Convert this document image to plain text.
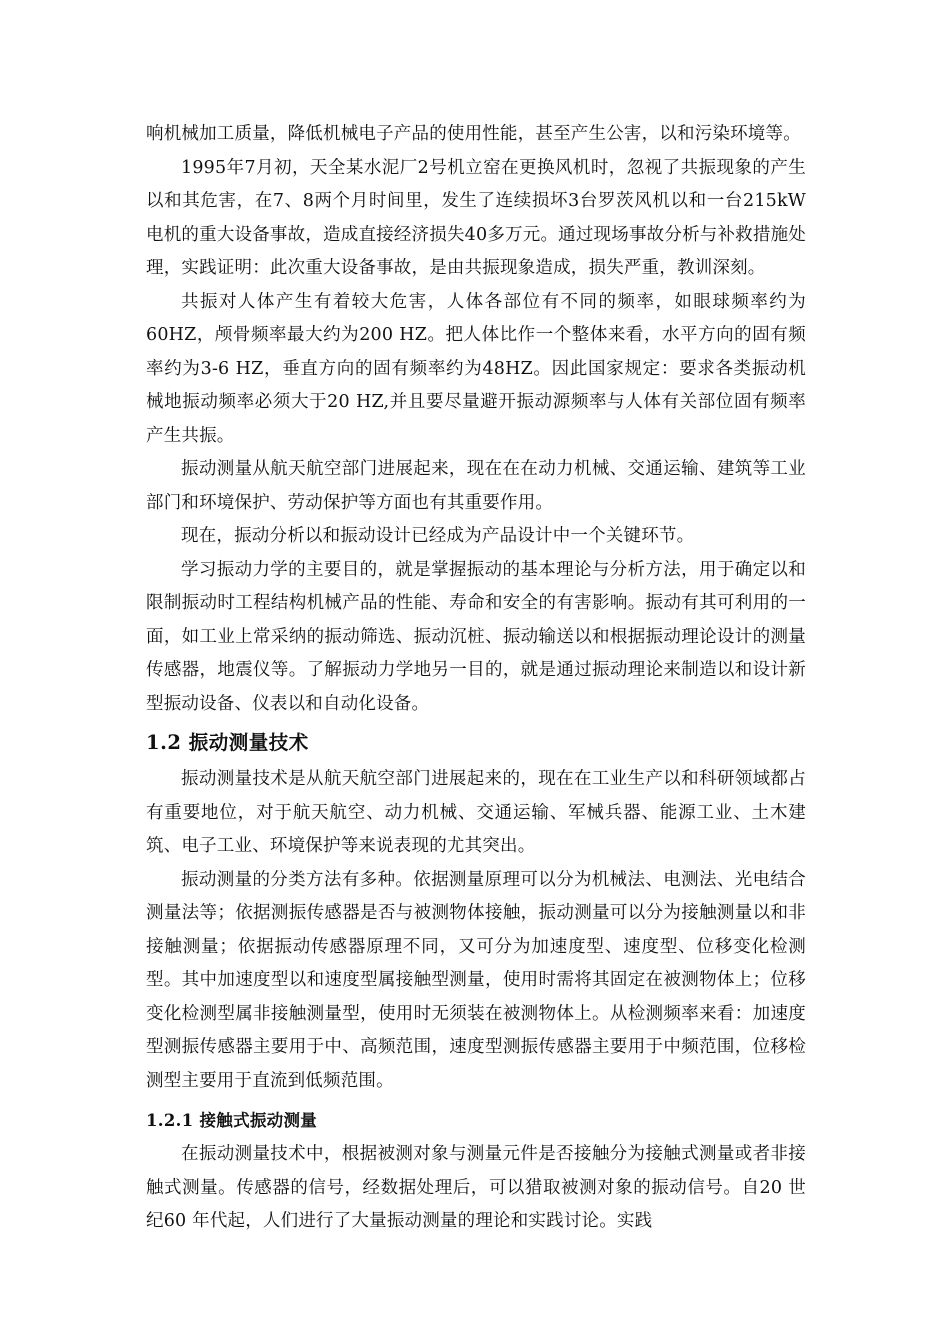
响机械加工质量，降低机械电子产品的使用性能，甚至产生公害，以和污染环境等。

1995年7月初，天全某水泥厂2号机立窑在更换风机时，忽视了共振现象的产生以和其危害，在7、8两个月时间里，发生了连续损坏3台罗茨风机以和一台215kW电机的重大设备事故，造成直接经济损失40多万元。通过现场事故分析与补救措施处理，实践证明：此次重大设备事故，是由共振现象造成，损失严重，教训深刻。

共振对人体产生有着较大危害，人体各部位有不同的频率，如眼球频率约为60HZ，颅骨频率最大约为200 HZ。把人体比作一个整体来看，水平方向的固有频率约为3-6 HZ，垂直方向的固有频率约为48HZ。因此国家规定：要求各类振动机械地振动频率必须大于20 HZ,并且要尽量避开振动源频率与人体有关部位固有频率产生共振。

振动测量从航天航空部门进展起来，现在在在动力机械、交通运输、建筑等工业部门和环境保护、劳动保护等方面也有其重要作用。

现在，振动分析以和振动设计已经成为产品设计中一个关键环节。

学习振动力学的主要目的，就是掌握振动的基本理论与分析方法，用于确定以和限制振动时工程结构机械产品的性能、寿命和安全的有害影响。振动有其可利用的一面，如工业上常采纳的振动筛选、振动沉桩、振动输送以和根据振动理论设计的测量传感器，地震仪等。了解振动力学地另一目的，就是通过振动理论来制造以和设计新型振动设备、仪表以和自动化设备。

1.2 振动测量技术

振动测量技术是从航天航空部门进展起来的，现在在工业生产以和科研领域都占有重要地位，对于航天航空、动力机械、交通运输、军械兵器、能源工业、土木建筑、电子工业、环境保护等来说表现的尤其突出。

振动测量的分类方法有多种。依据测量原理可以分为机械法、电测法、光电结合测量法等；依据测振传感器是否与被测物体接触，振动测量可以分为接触测量以和非接触测量；依据振动传感器原理不同，又可分为加速度型、速度型、位移变化检测型。其中加速度型以和速度型属接触型测量，使用时需将其固定在被测物体上；位移变化检测型属非接触测量型，使用时无须装在被测物体上。从检测频率来看：加速度型测振传感器主要用于中、高频范围，速度型测振传感器主要用于中频范围，位移检测型主要用于直流到低频范围。

1.2.1 接触式振动测量

在振动测量技术中，根据被测对象与测量元件是否接触分为接触式测量或者非接触式测量。传感器的信号，经数据处理后，可以猎取被测对象的振动信号。自20 世纪60 年代起，人们进行了大量振动测量的理论和实践讨论。实践
